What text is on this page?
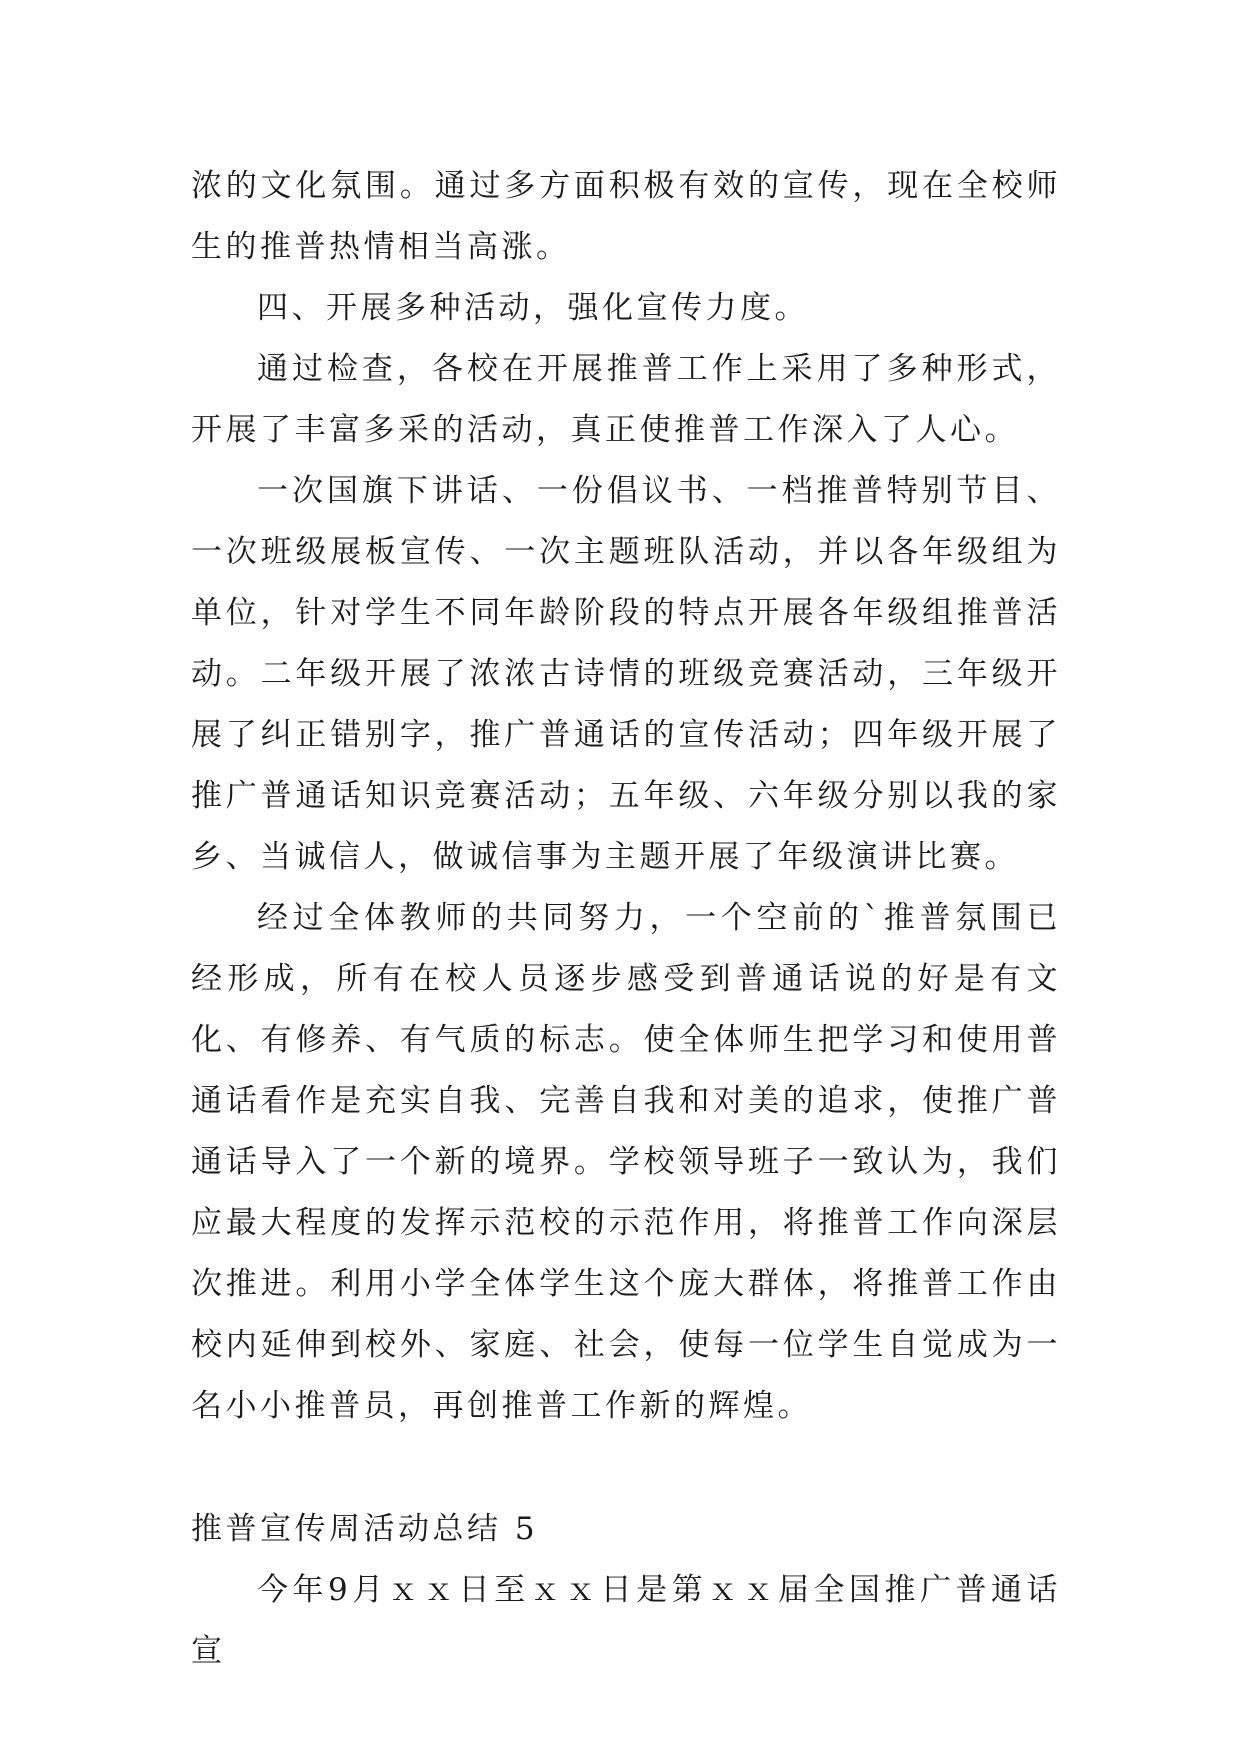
浓的文化氛围。通过多方面积极有效的宣传，现在全校师生的推普热情相当高涨。

四、开展多种活动，强化宣传力度。

通过检查，各校在开展推普工作上采用了多种形式，开展了丰富多采的活动，真正使推普工作深入了人心。

一次国旗下讲话、一份倡议书、一档推普特别节目、一次班级展板宣传、一次主题班队活动，并以各年级组为单位，针对学生不同年龄阶段的特点开展各年级组推普活动。二年级开展了浓浓古诗情的班级竞赛活动，三年级开展了纠正错别字，推广普通话的宣传活动；四年级开展了推广普通话知识竞赛活动；五年级、六年级分别以我的家乡、当诚信人，做诚信事为主题开展了年级演讲比赛。

经过全体教师的共同努力，一个空前的`推普氛围已经形成，所有在校人员逐步感受到普通话说的好是有文化、有修养、有气质的标志。使全体师生把学习和使用普通话看作是充实自我、完善自我和对美的追求，使推广普通话导入了一个新的境界。学校领导班子一致认为，我们应最大程度的发挥示范校的示范作用，将推普工作向深层次推进。利用小学全体学生这个庞大群体，将推普工作由校内延伸到校外、家庭、社会，使每一位学生自觉成为一名小小推普员，再创推普工作新的辉煌。

推普宣传周活动总结 5

今年9月ｘｘ日至ｘｘ日是第ｘｘ届全国推广普通话宣
